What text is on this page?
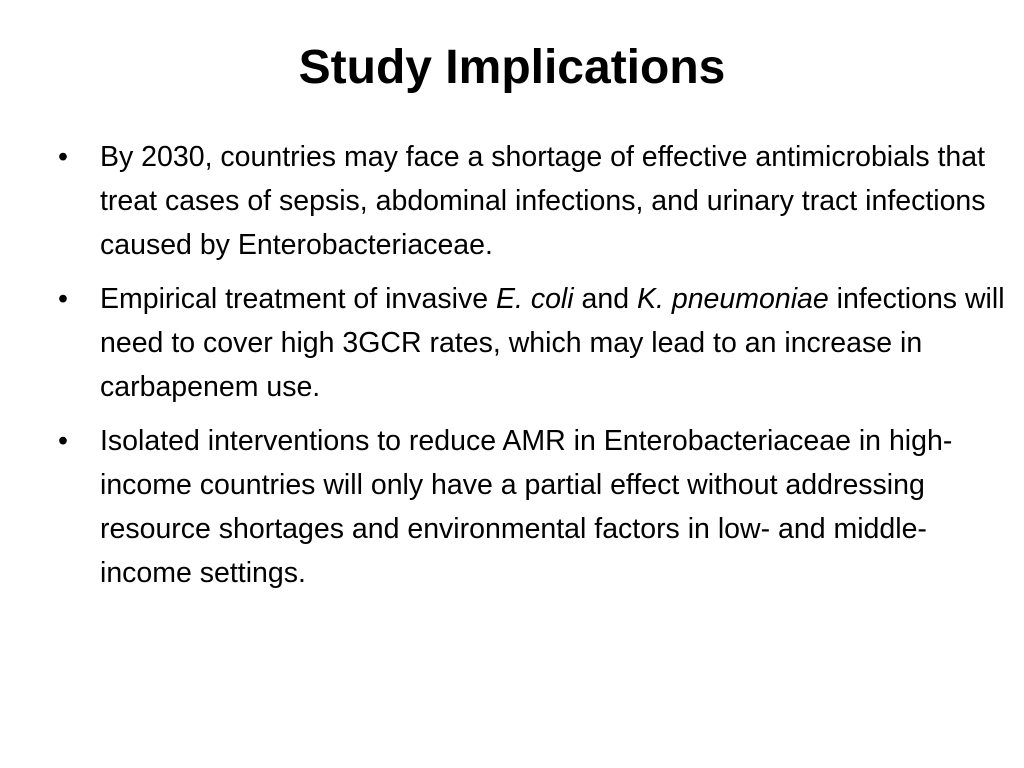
Study Implications
•	By 2030, countries may face a shortage of effective antimicrobials that treat cases of sepsis, abdominal infections, and urinary tract infections caused by Enterobacteriaceae.
•	Empirical treatment of invasive E. coli and K. pneumoniae infections will need to cover high 3GCR rates, which may lead to an increase in carbapenem use.
•	Isolated interventions to reduce AMR in Enterobacteriaceae in high-income countries will only have a partial effect without addressing resource shortages and environmental factors in low- and middle-income settings.
